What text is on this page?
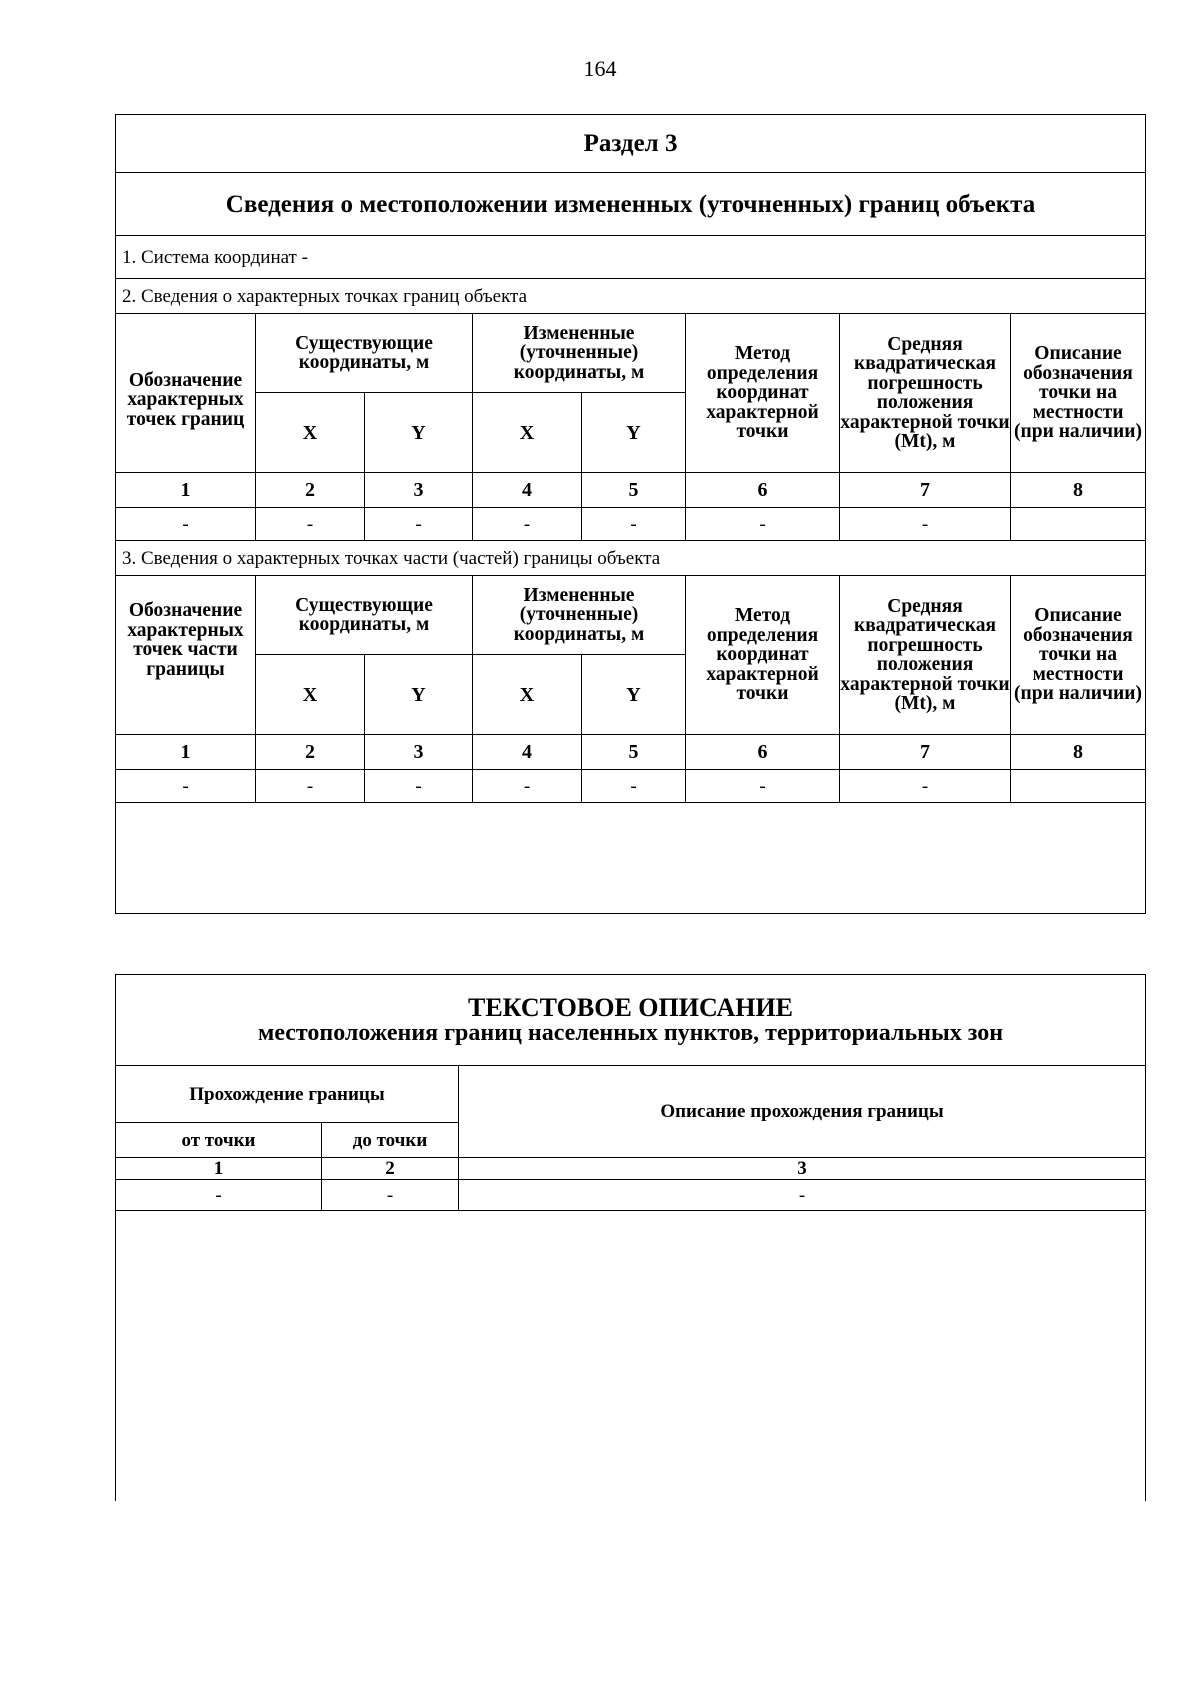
164
Раздел 3							
Сведения о местоположении измененных (уточненных) границ объекта							
1. Система координат -							
2. Сведения о характерных точках границ объекта							
Обозначение характерных точек границ	Существующие координаты, м		Измененные (уточненные) координаты, м		Метод определения координат характерной точки	Средняя квадратическая погрешность положения характерной точки (Mt), м	Описание обозначения точки на местности (при наличии)
	X	Y	X	Y			
1	2	3	4	5	6	7	8
-	-	-	-	-	-	-	
3. Сведения о характерных точках части (частей) границы объекта							
Обозначение характерных точек части границы	Существующие координаты, м		Измененные (уточненные) координаты, м		Метод определения координат характерной точки	Средняя квадратическая погрешность положения характерной точки (Mt), м	Описание обозначения точки на местности (при наличии)
	X	Y	X	Y			
1	2	3	4	5	6	7	8
-	-	-	-	-	-	-	

ТЕКСТОВОЕ ОПИСАНИЕ
местоположения границ населенных пунктов, территориальных зон		

Прохождение границы		Описание прохождения границы
от точки	до точки	
1	2	3
-	-	-
